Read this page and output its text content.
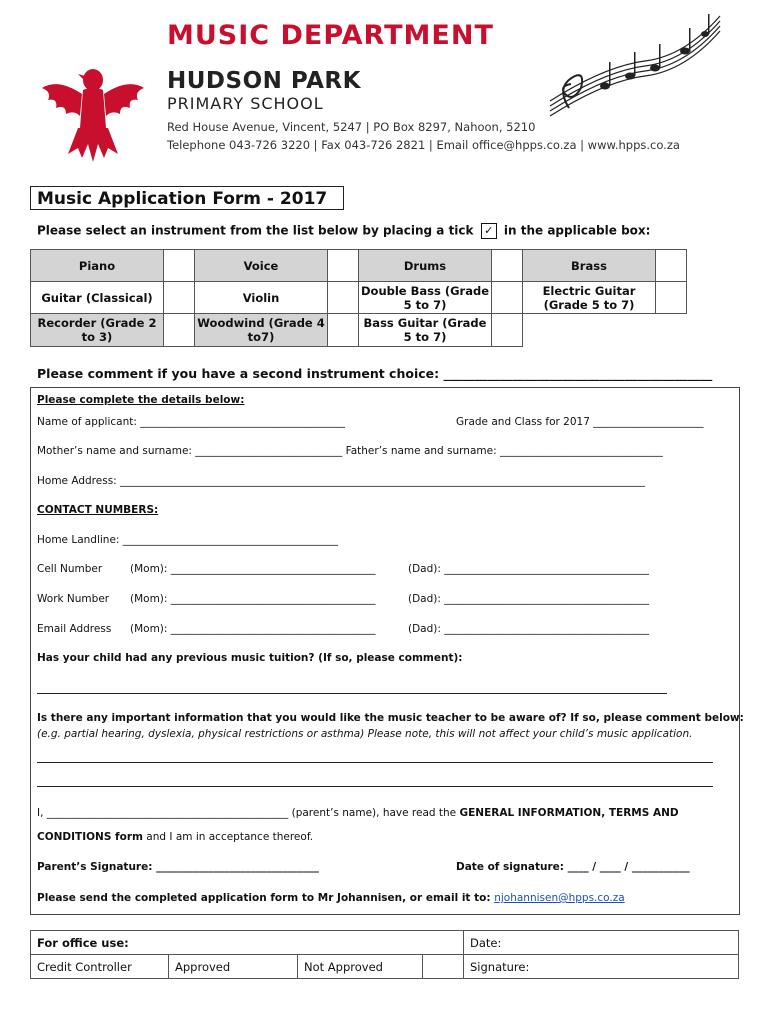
MUSIC DEPARTMENT
HUDSON PARK
PRIMARY SCHOOL
Red House Avenue, Vincent, 5247 | PO Box 8297, Nahoon, 5210
Telephone 043-726 3220 | Fax 043-726 2821 | Email office@hpps.co.za | www.hpps.co.za
Music Application Form - 2017
Please select an instrument from the list below by placing a tick ✓ in the applicable box:
Piano		Voice		Drums		Brass	
Guitar (Classical)		Violin		Double Bass (Grade 5 to 7)		Electric Guitar (Grade 5 to 7)	
Recorder (Grade 2 to 3)		Woodwind (Grade 4 to7)		Bass Guitar (Grade 5 to 7)			
Please comment if you have a second instrument choice: ___________________________________________
Please complete the details below:
Name of applicant: _______________________________________	Grade and Class for 2017 _____________________
Mother’s name and surname: ____________________________ Father’s name and surname: _______________________________
Home Address: ____________________________________________________________________________________________________
CONTACT NUMBERS:
Home Landline: _________________________________________
Cell Number	(Mom): _______________________________________	(Dad): _______________________________________
Work Number (Mom): _______________________________________	(Dad): _______________________________________
Email Address (Mom): _______________________________________	(Dad): _______________________________________
Has your child had any previous music tuition? (If so, please comment):
Is there any important information that you would like the music teacher to be aware of? If so, please comment below:
(e.g. partial hearing, dyslexia, physical restrictions or asthma) Please note, this will not affect your child’s music application.
I, ______________________________________________ (parent’s name), have read the GENERAL INFORMATION, TERMS AND
CONDITIONS form and I am in acceptance thereof.
Parent’s Signature: _______________________________	Date of signature: ____ / ____ / ___________
Please send the completed application form to Mr Johannisen, or email it to: njohannisen@hpps.co.za
For office use:				Date:
Credit Controller	Approved	Not Approved		Signature:
